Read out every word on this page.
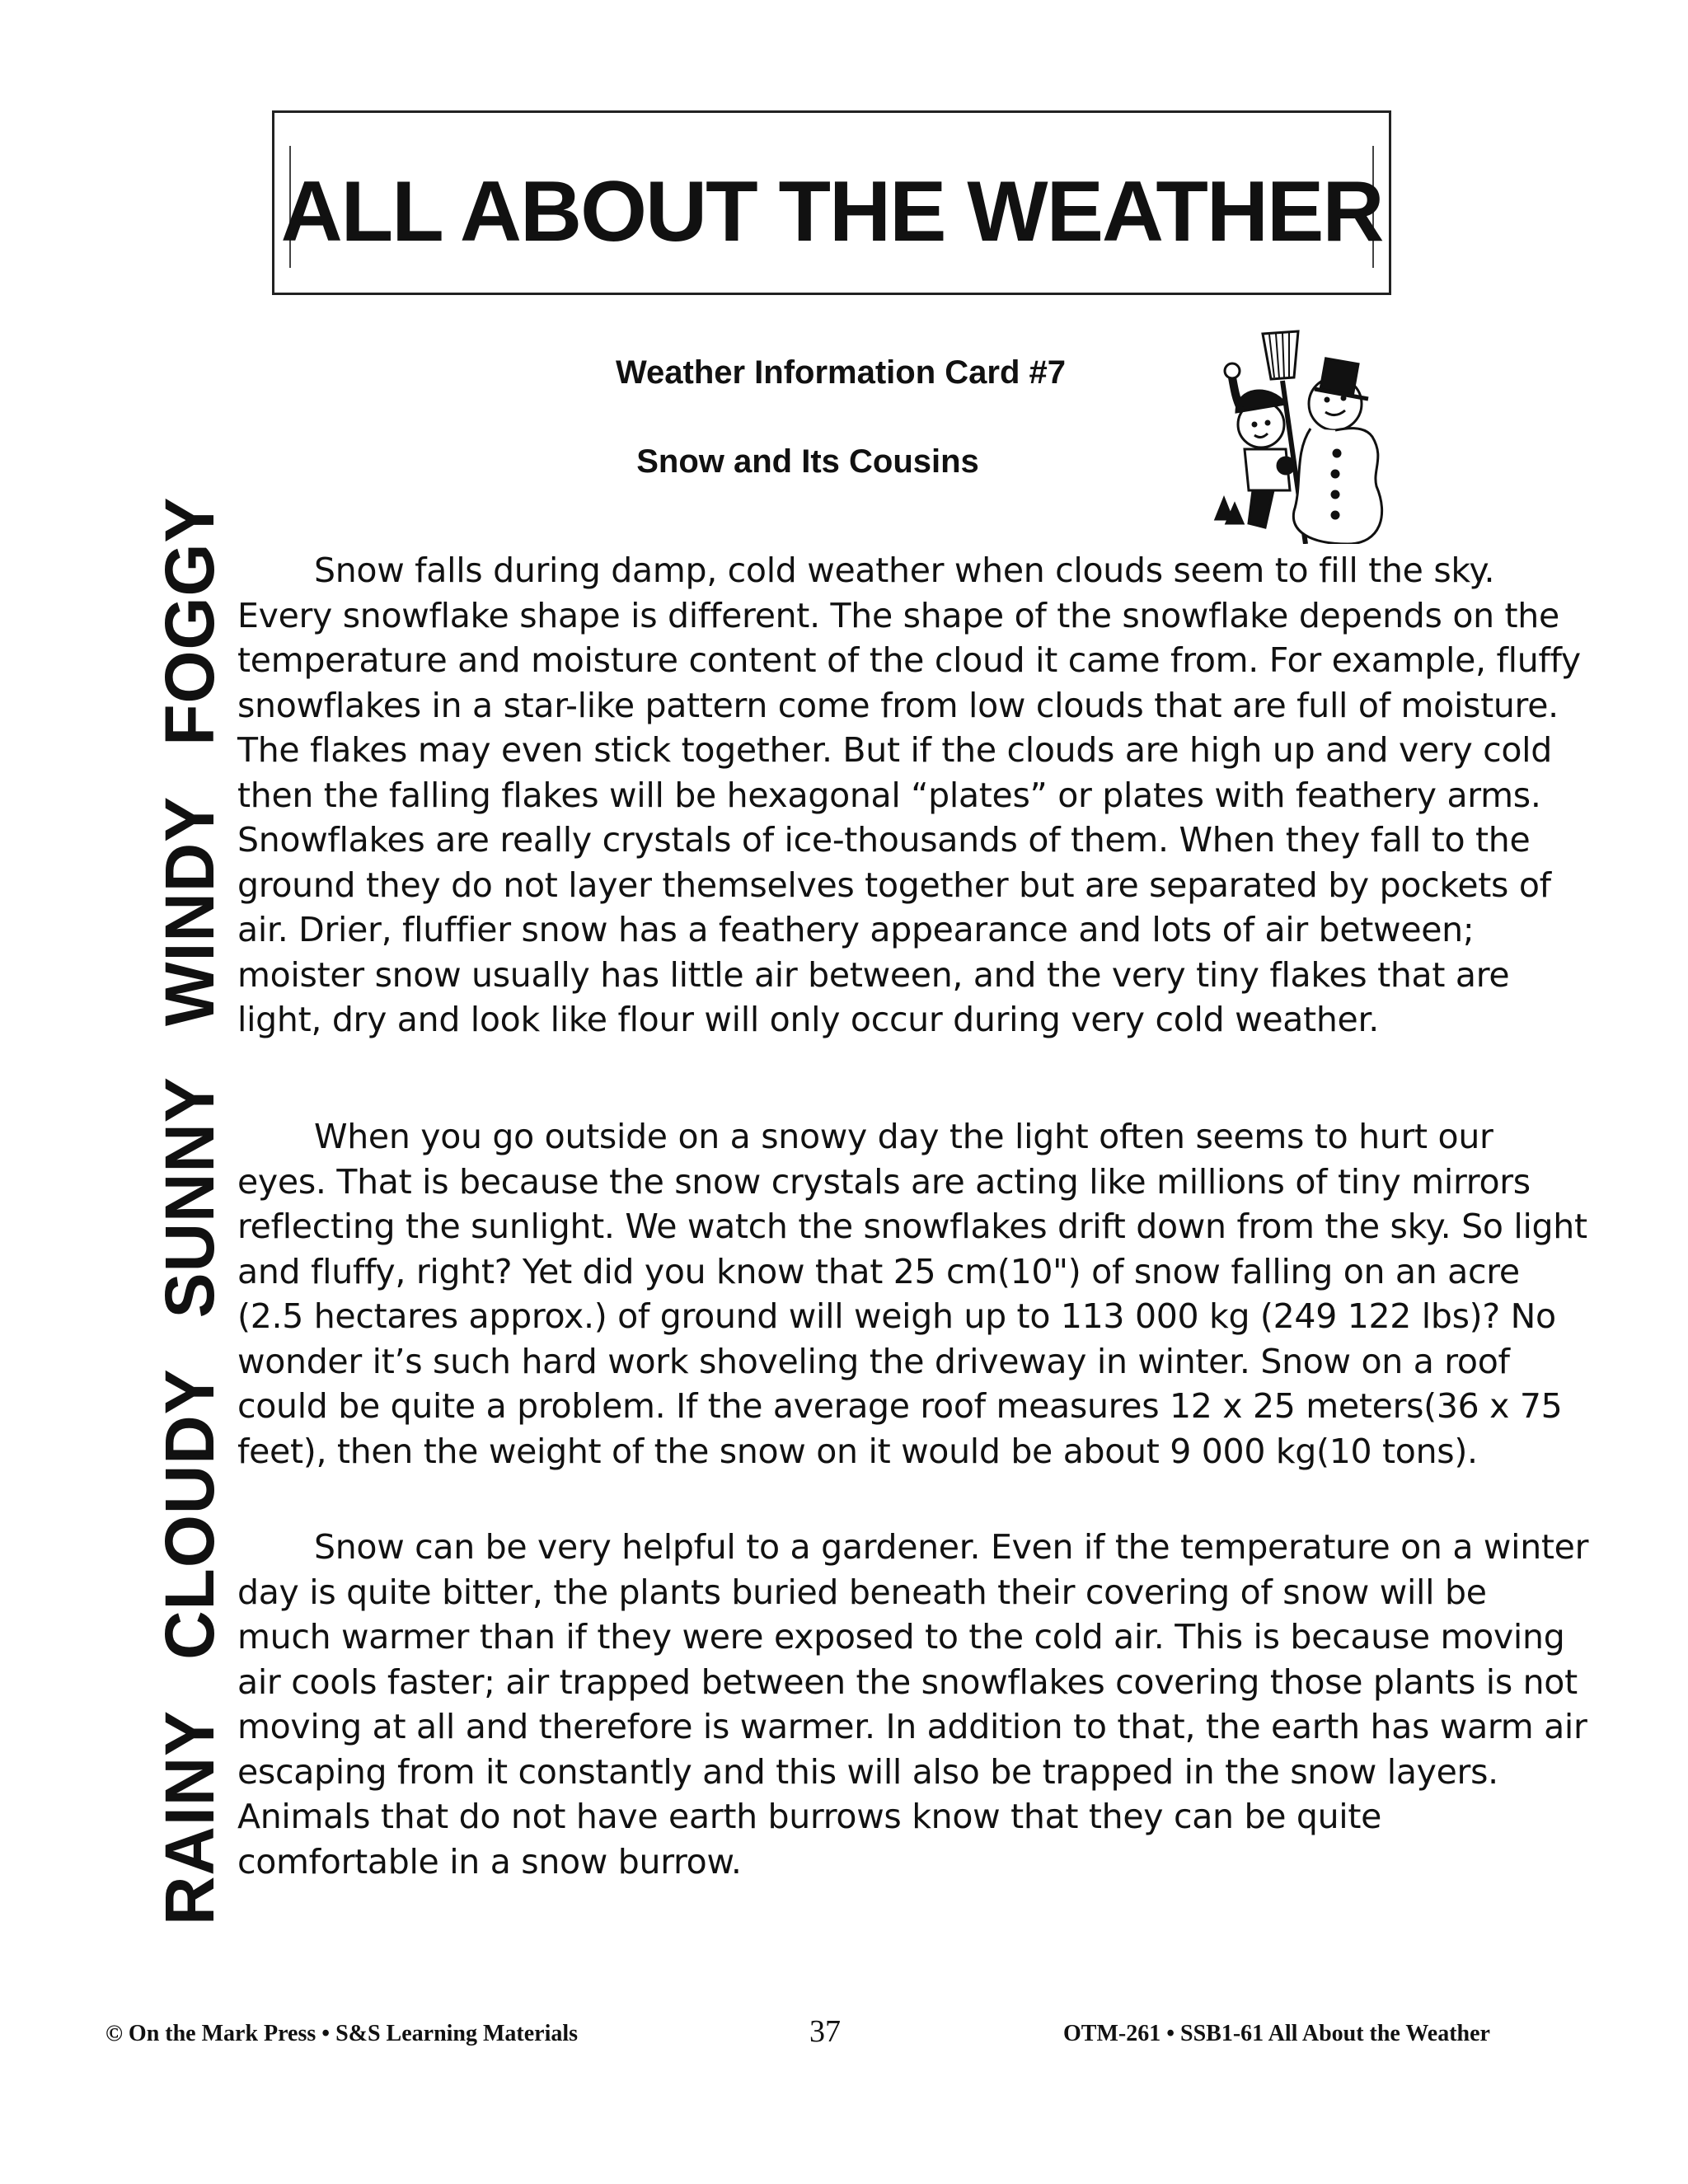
ALL ABOUT THE WEATHER
RAINY CLOUDY SUNNY WINDY FOGGY
Weather Information Card #7
Snow and Its Cousins

Snow falls during damp, cold weather when clouds seem to fill the sky. Every snowflake shape is different. The shape of the snowflake depends on the temperature and moisture content of the cloud it came from. For example, fluffy snowflakes in a star-like pattern come from low clouds that are full of moisture. The flakes may even stick together. But if the clouds are high up and very cold then the falling flakes will be hexagonal “plates” or plates with feathery arms. Snowflakes are really crystals of ice-thousands of them. When they fall to the ground they do not layer themselves together but are separated by pockets of air. Drier, fluffier snow has a feathery appearance and lots of air between; moister snow usually has little air between, and the very tiny flakes that are light, dry and look like flour will only occur during very cold weather.

When you go outside on a snowy day the light often seems to hurt our eyes. That is because the snow crystals are acting like millions of tiny mirrors reflecting the sunlight. We watch the snowflakes drift down from the sky. So light and fluffy, right? Yet did you know that 25 cm(10") of snow falling on an acre (2.5 hectares approx.) of ground will weigh up to 113 000 kg (249 122 lbs)? No wonder it’s such hard work shoveling the driveway in winter. Snow on a roof could be quite a problem. If the average roof measures 12 x 25 meters(36 x 75 feet), then the weight of the snow on it would be about 9 000 kg(10 tons).

Snow can be very helpful to a gardener. Even if the temperature on a winter day is quite bitter, the plants buried beneath their covering of snow will be much warmer than if they were exposed to the cold air. This is because moving air cools faster; air trapped between the snowflakes covering those plants is not moving at all and therefore is warmer. In addition to that, the earth has warm air escaping from it constantly and this will also be trapped in the snow layers. Animals that do not have earth burrows know that they can be quite comfortable in a snow burrow.

© On the Mark Press • S&S Learning Materials	37	OTM-261 • SSB1-61 All About the Weather
